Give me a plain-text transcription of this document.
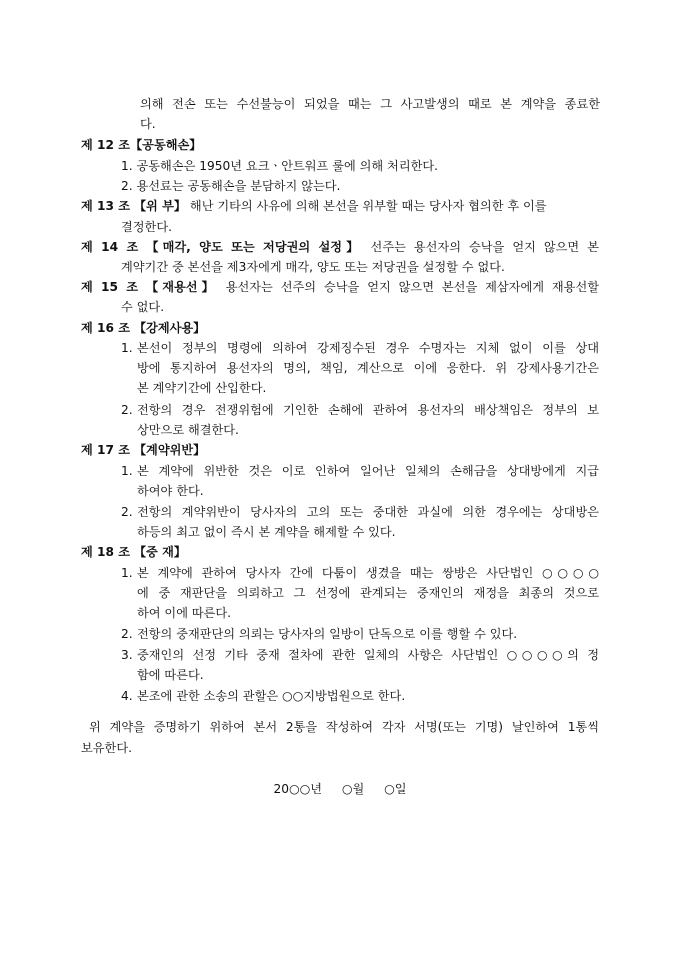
의해 전손 또는 수선불능이 되었을 때는 그 사고발생의 때로 본 계약을 종료한
다.
제 12 조【공동해손】
1. 공동해손은 1950년 요크ㆍ안트워프 룰에 의해 처리한다.
2. 용선료는 공동해손을 분담하지 않는다.
제 13 조 【위 부】 해난 기타의 사유에 의해 본선을 위부할 때는 당사자 협의한 후 이를
결정한다.
제 14 조 【매각, 양도 또는 저당권의 설정】 선주는 용선자의 승낙을 얻지 않으면 본
계약기간 중 본선을 제3자에게 매각, 양도 또는 저당권을 설정할 수 없다.
제 15 조 【재용선】 용선자는 선주의 승낙을 얻지 않으면 본선을 제삼자에게 재용선할
수 없다.
제 16 조 【강제사용】
1. 본선이 정부의 명령에 의하여 강제징수된 경우 수명자는 지체 없이 이를 상대
방에 통지하여 용선자의 명의, 책임, 계산으로 이에 응한다. 위 강제사용기간은
본 계약기간에 산입한다.
2. 전항의 경우 전쟁위험에 기인한 손해에 관하여 용선자의 배상책임은 정부의 보
상만으로 해결한다.
제 17 조 【계약위반】
1. 본 계약에 위반한 것은 이로 인하여 일어난 일체의 손해금을 상대방에게 지급
하여야 한다.
2. 전항의 계약위반이 당사자의 고의 또는 중대한 과실에 의한 경우에는 상대방은
하등의 최고 없이 즉시 본 계약을 해제할 수 있다.
제 18 조 【중 재】
1. 본 계약에 관하여 당사자 간에 다툼이 생겼을 때는 쌍방은 사단법인 ○○○○
에 중 재판단을 의뢰하고 그 선정에 관계되는 중재인의 재정을 최종의 것으로
하여 이에 따른다.
2. 전항의 중재판단의 의뢰는 당사자의 일방이 단독으로 이를 행할 수 있다.
3. 중재인의 선정 기타 중재 절차에 관한 일체의 사항은 사단법인 ○○○○의 정
함에 따른다.
4. 본조에 관한 소송의 관할은 ○○지방법원으로 한다.
위 계약을 증명하기 위하여 본서 2통을 작성하여 각자 서명(또는 기명) 날인하여 1통씩
보유한다.
20○○년 ○월 ○일
